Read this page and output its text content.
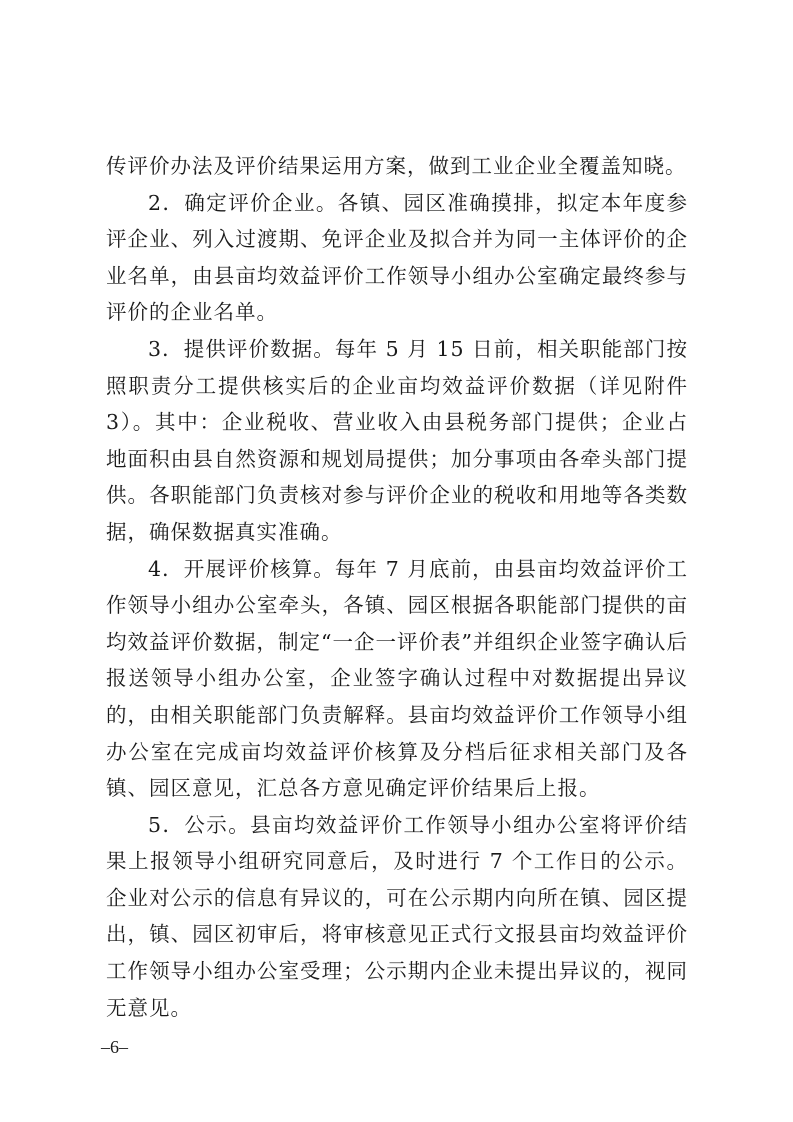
传评价办法及评价结果运用方案，做到工业企业全覆盖知晓。

2．确定评价企业。各镇、园区准确摸排，拟定本年度参评企业、列入过渡期、免评企业及拟合并为同一主体评价的企业名单，由县亩均效益评价工作领导小组办公室确定最终参与评价的企业名单。

3．提供评价数据。每年 5 月 15 日前，相关职能部门按照职责分工提供核实后的企业亩均效益评价数据（详见附件 3）。其中：企业税收、营业收入由县税务部门提供；企业占地面积由县自然资源和规划局提供；加分事项由各牵头部门提供。各职能部门负责核对参与评价企业的税收和用地等各类数据，确保数据真实准确。

4．开展评价核算。每年 7 月底前，由县亩均效益评价工作领导小组办公室牵头，各镇、园区根据各职能部门提供的亩均效益评价数据，制定“一企一评价表”并组织企业签字确认后报送领导小组办公室，企业签字确认过程中对数据提出异议的，由相关职能部门负责解释。县亩均效益评价工作领导小组办公室在完成亩均效益评价核算及分档后征求相关部门及各镇、园区意见，汇总各方意见确定评价结果后上报。

5．公示。县亩均效益评价工作领导小组办公室将评价结果上报领导小组研究同意后，及时进行 7 个工作日的公示。企业对公示的信息有异议的，可在公示期内向所在镇、园区提出，镇、园区初审后，将审核意见正式行文报县亩均效益评价工作领导小组办公室受理；公示期内企业未提出异议的，视同无意见。

–6–
